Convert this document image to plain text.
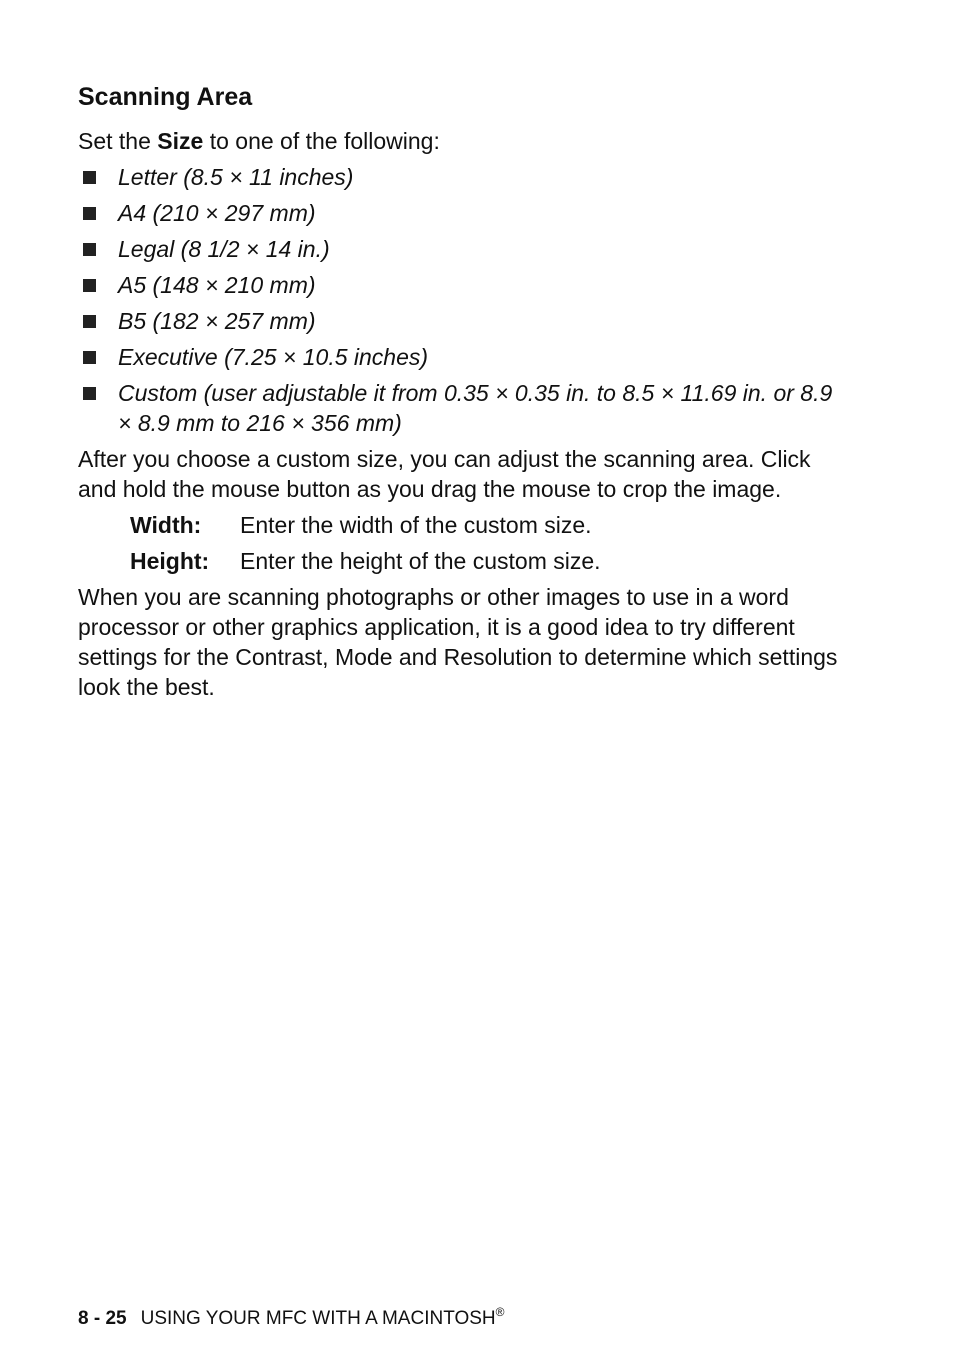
Scanning Area

Set the Size to one of the following:

Letter (8.5 × 11 inches)
A4 (210 × 297 mm)
Legal (8 1/2 × 14 in.)
A5 (148 × 210 mm)
B5 (182 × 257 mm)
Executive (7.25 × 10.5 inches)
Custom (user adjustable it from 0.35 × 0.35 in. to 8.5 × 11.69 in. or 8.9 × 8.9 mm to 216 × 356 mm)

After you choose a custom size, you can adjust the scanning area. Click and hold the mouse button as you drag the mouse to crop the image.

Width:	Enter the width of the custom size.
Height:	Enter the height of the custom size.

When you are scanning photographs or other images to use in a word processor or other graphics application, it is a good idea to try different settings for the Contrast, Mode and Resolution to determine which settings look the best.

8 - 25 USING YOUR MFC WITH A MACINTOSH®
